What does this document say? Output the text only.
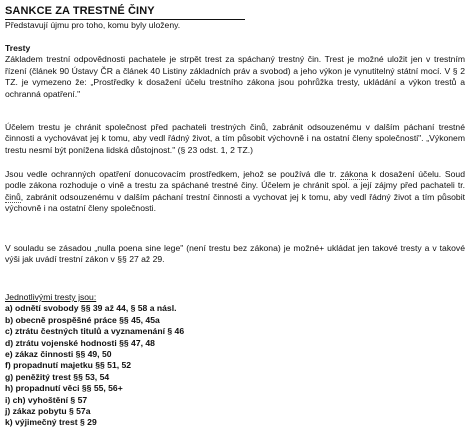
SANKCE ZA TRESTNÉ ČINY
Představují újmu pro toho, komu byly uloženy.
Tresty
Základem trestní odpovědnosti pachatele je strpět trest za spáchaný trestný čin. Trest je možné uložit jen v trestním řízení (článek 90 Ústavy ČR a článek 40 Listiny základních práv a svobod) a jeho výkon je vynutitelný státní mocí. V § 2 TZ. je vymezeno že: „Prostředky k dosažení účelu trestního zákona jsou pohrůžka tresty, ukládání a výkon trestů a ochranná opatření."
Účelem trestu je chránit společnost před pachateli trestných činů, zabránit odsouzenému v dalším páchaní trestné činnosti a vychovávat jej k tomu, aby vedl řádný život, a tím působit výchovně i na ostatní členy společnosti". „Výkonem trestu nesmí být ponížena lidská důstojnost." (§ 23 odst. 1, 2 TZ.)
Jsou vedle ochranných opatření donucovacím prostředkem, jehož se používá dle tr. zákona k dosažení účelu. Soud podle zákona rozhoduje o vině a trestu za spáchané trestné činy. Účelem je chránit spol. a její zájmy před pachateli tr. činů, zabránit odsouzenému v dalším páchaní trestní činnosti a vychovat jej k tomu, aby vedl řádný život a tím působit výchovně i na ostatní členy společnosti.
V souladu se zásadou „nulla poena sine lege" (není trestu bez zákona) je možné+ ukládat jen takové tresty a v takové výši jak uvádí trestní zákon v §§ 27 až 29.
Jednotlivými tresty jsou:
a) odnětí svobody §§ 39 až 44, § 58 a násl.
b) obecně prospěšné práce §§ 45, 45a
c) ztrátu čestných titulů a vyznamenání § 46
d) ztrátu vojenské hodnosti §§ 47, 48
e) zákaz činnosti §§ 49, 50
f) propadnutí majetku §§ 51, 52
g) peněžitý trest §§ 53, 54
h) propadnutí věci §§ 55, 56+
i) ch) vyhoštění § 57
j) zákaz pobytu § 57a
k) výjimečný trest § 29
